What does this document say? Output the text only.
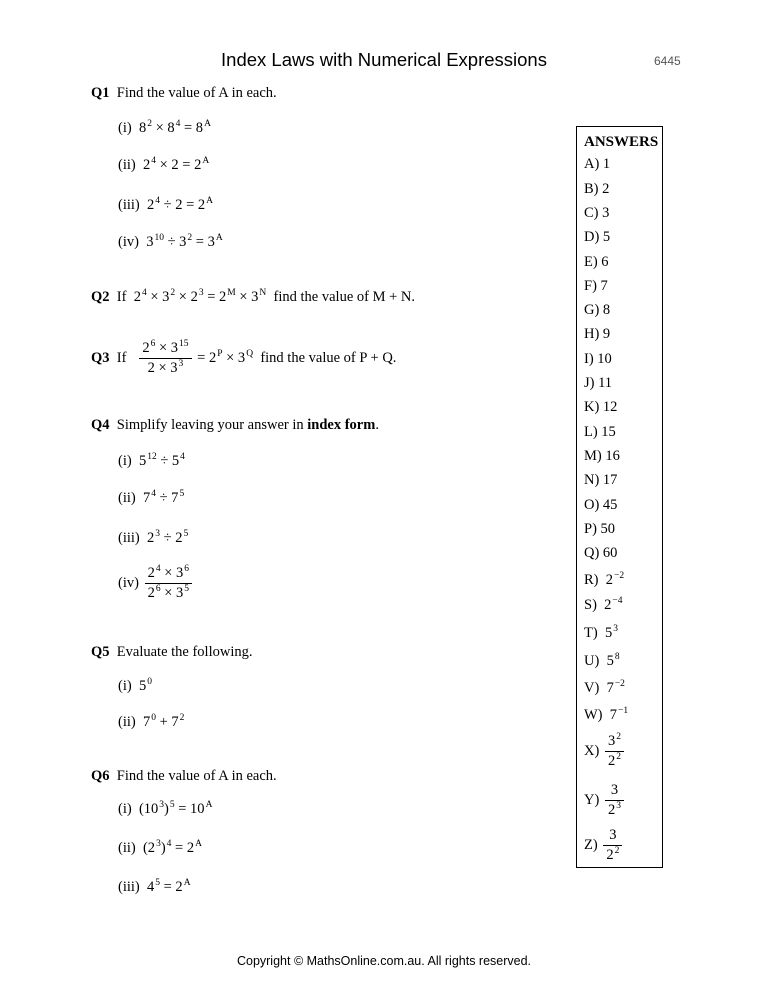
Index Laws with Numerical Expressions	6445
Q1 Find the value of A in each.
(i)  $8^2 \times 8^4 = 8^A$
(ii)  $2^4 \times 2 = 2^A$
(iii)  $2^4 \div 2 = 2^A$
(iv)  $3^{10} \div 3^2 = 3^A$
Q2 If  $2^4 \times 3^2 \times 2^3 = 2^M \times 3^N$ find the value of M + N.
Q3 If $\frac{2^6 \times 3^{15}}{2 \times 3^3} = 2^P \times 3^Q$ find the value of P + Q.
Q4 Simplify leaving your answer in index form.
(i)  $5^{12} \div 5^4$
(ii)  $7^4 \div 7^5$
(iii)  $2^3 \div 2^5$
$(iv) \frac{2^4 \times 3^6}{2^6 \times 3^5}$
Q5 Evaluate the following.
(i)  $5^0$
(ii)  $7^0 + 7^2$
Q6 Find the value of A in each.
(i)  $(10^3)^5 = 10^A$
(ii)  $(2^3)^4 = 2^A$
(iii)  $4^5 = 2^A$
ANSWERS
A) 1
B) 2
C) 3
D) 5
E) 6
F) 7
G) 8
H) 9
I) 10
J) 11
K) 12
L) 15
M) 16
N) 17
O) 45
P) 50
Q) 60
R)  $2^{-2}$
S)  $2^{-4}$
T)  $5^3$
U)  $5^8$
V)  $7^{-2}$
W)  $7^{-1}$
$X) \frac{3^2}{2^2}$
$Y) \frac{3}{2^3}$
$Z) \frac{3}{2^2}$
Copyright © MathsOnline.com.au. All rights reserved.
